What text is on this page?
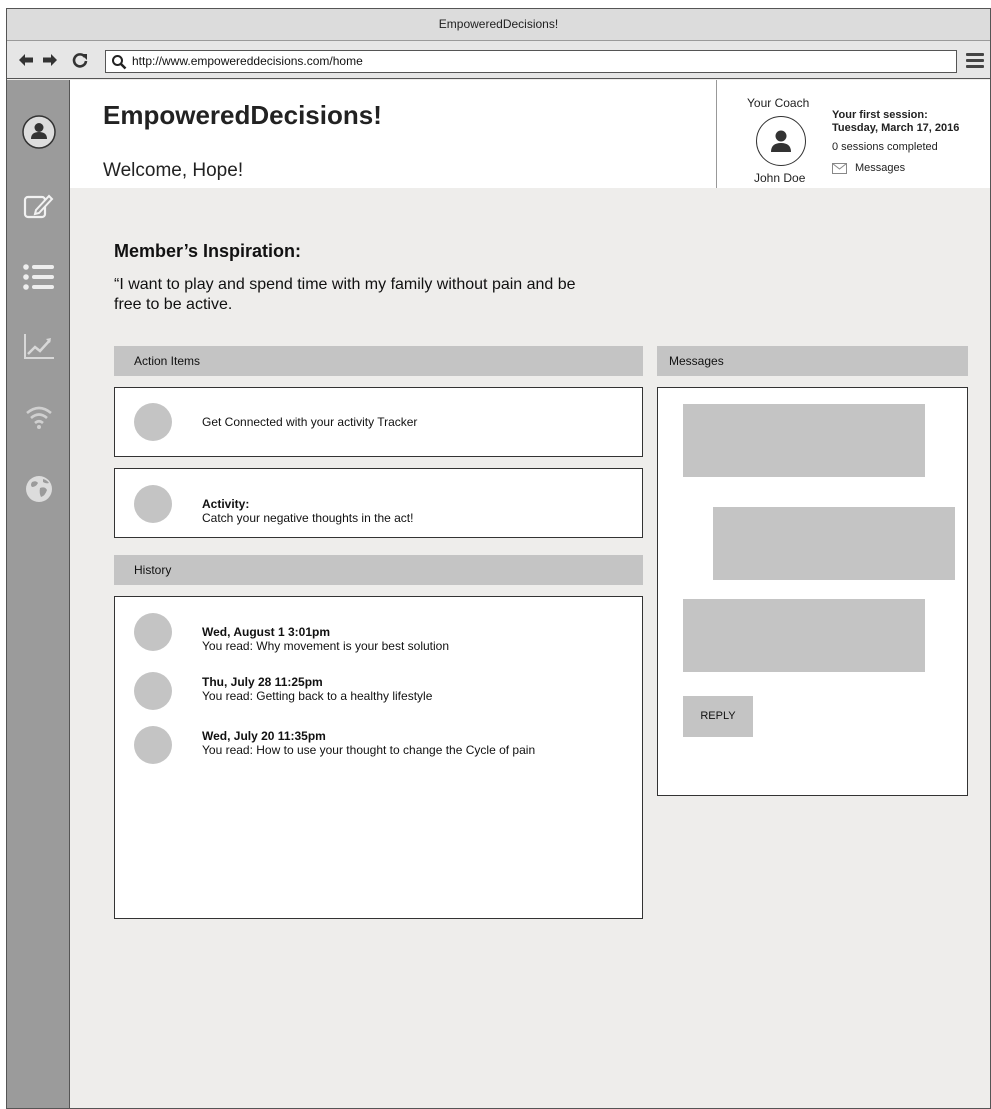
EmpoweredDecisions!
http://www.empowereddecisions.com/home
EmpoweredDecisions!
Welcome, Hope!
Your Coach
John Doe
Your first session:
Tuesday, March 17, 2016
0 sessions completed
Messages
Member’s Inspiration:
“I want to play and spend time with my family without pain and be free to be active.
Action Items
Get Connected with your activity Tracker
Activity:
Catch your negative thoughts in the act!
History
Wed, August 1 3:01pm
You read: Why movement is your best solution
Thu, July 28 11:25pm
You read: Getting back to a healthy lifestyle
Wed, July 20 11:35pm
You read: How to use your thought to change the Cycle of pain
Messages
REPLY
